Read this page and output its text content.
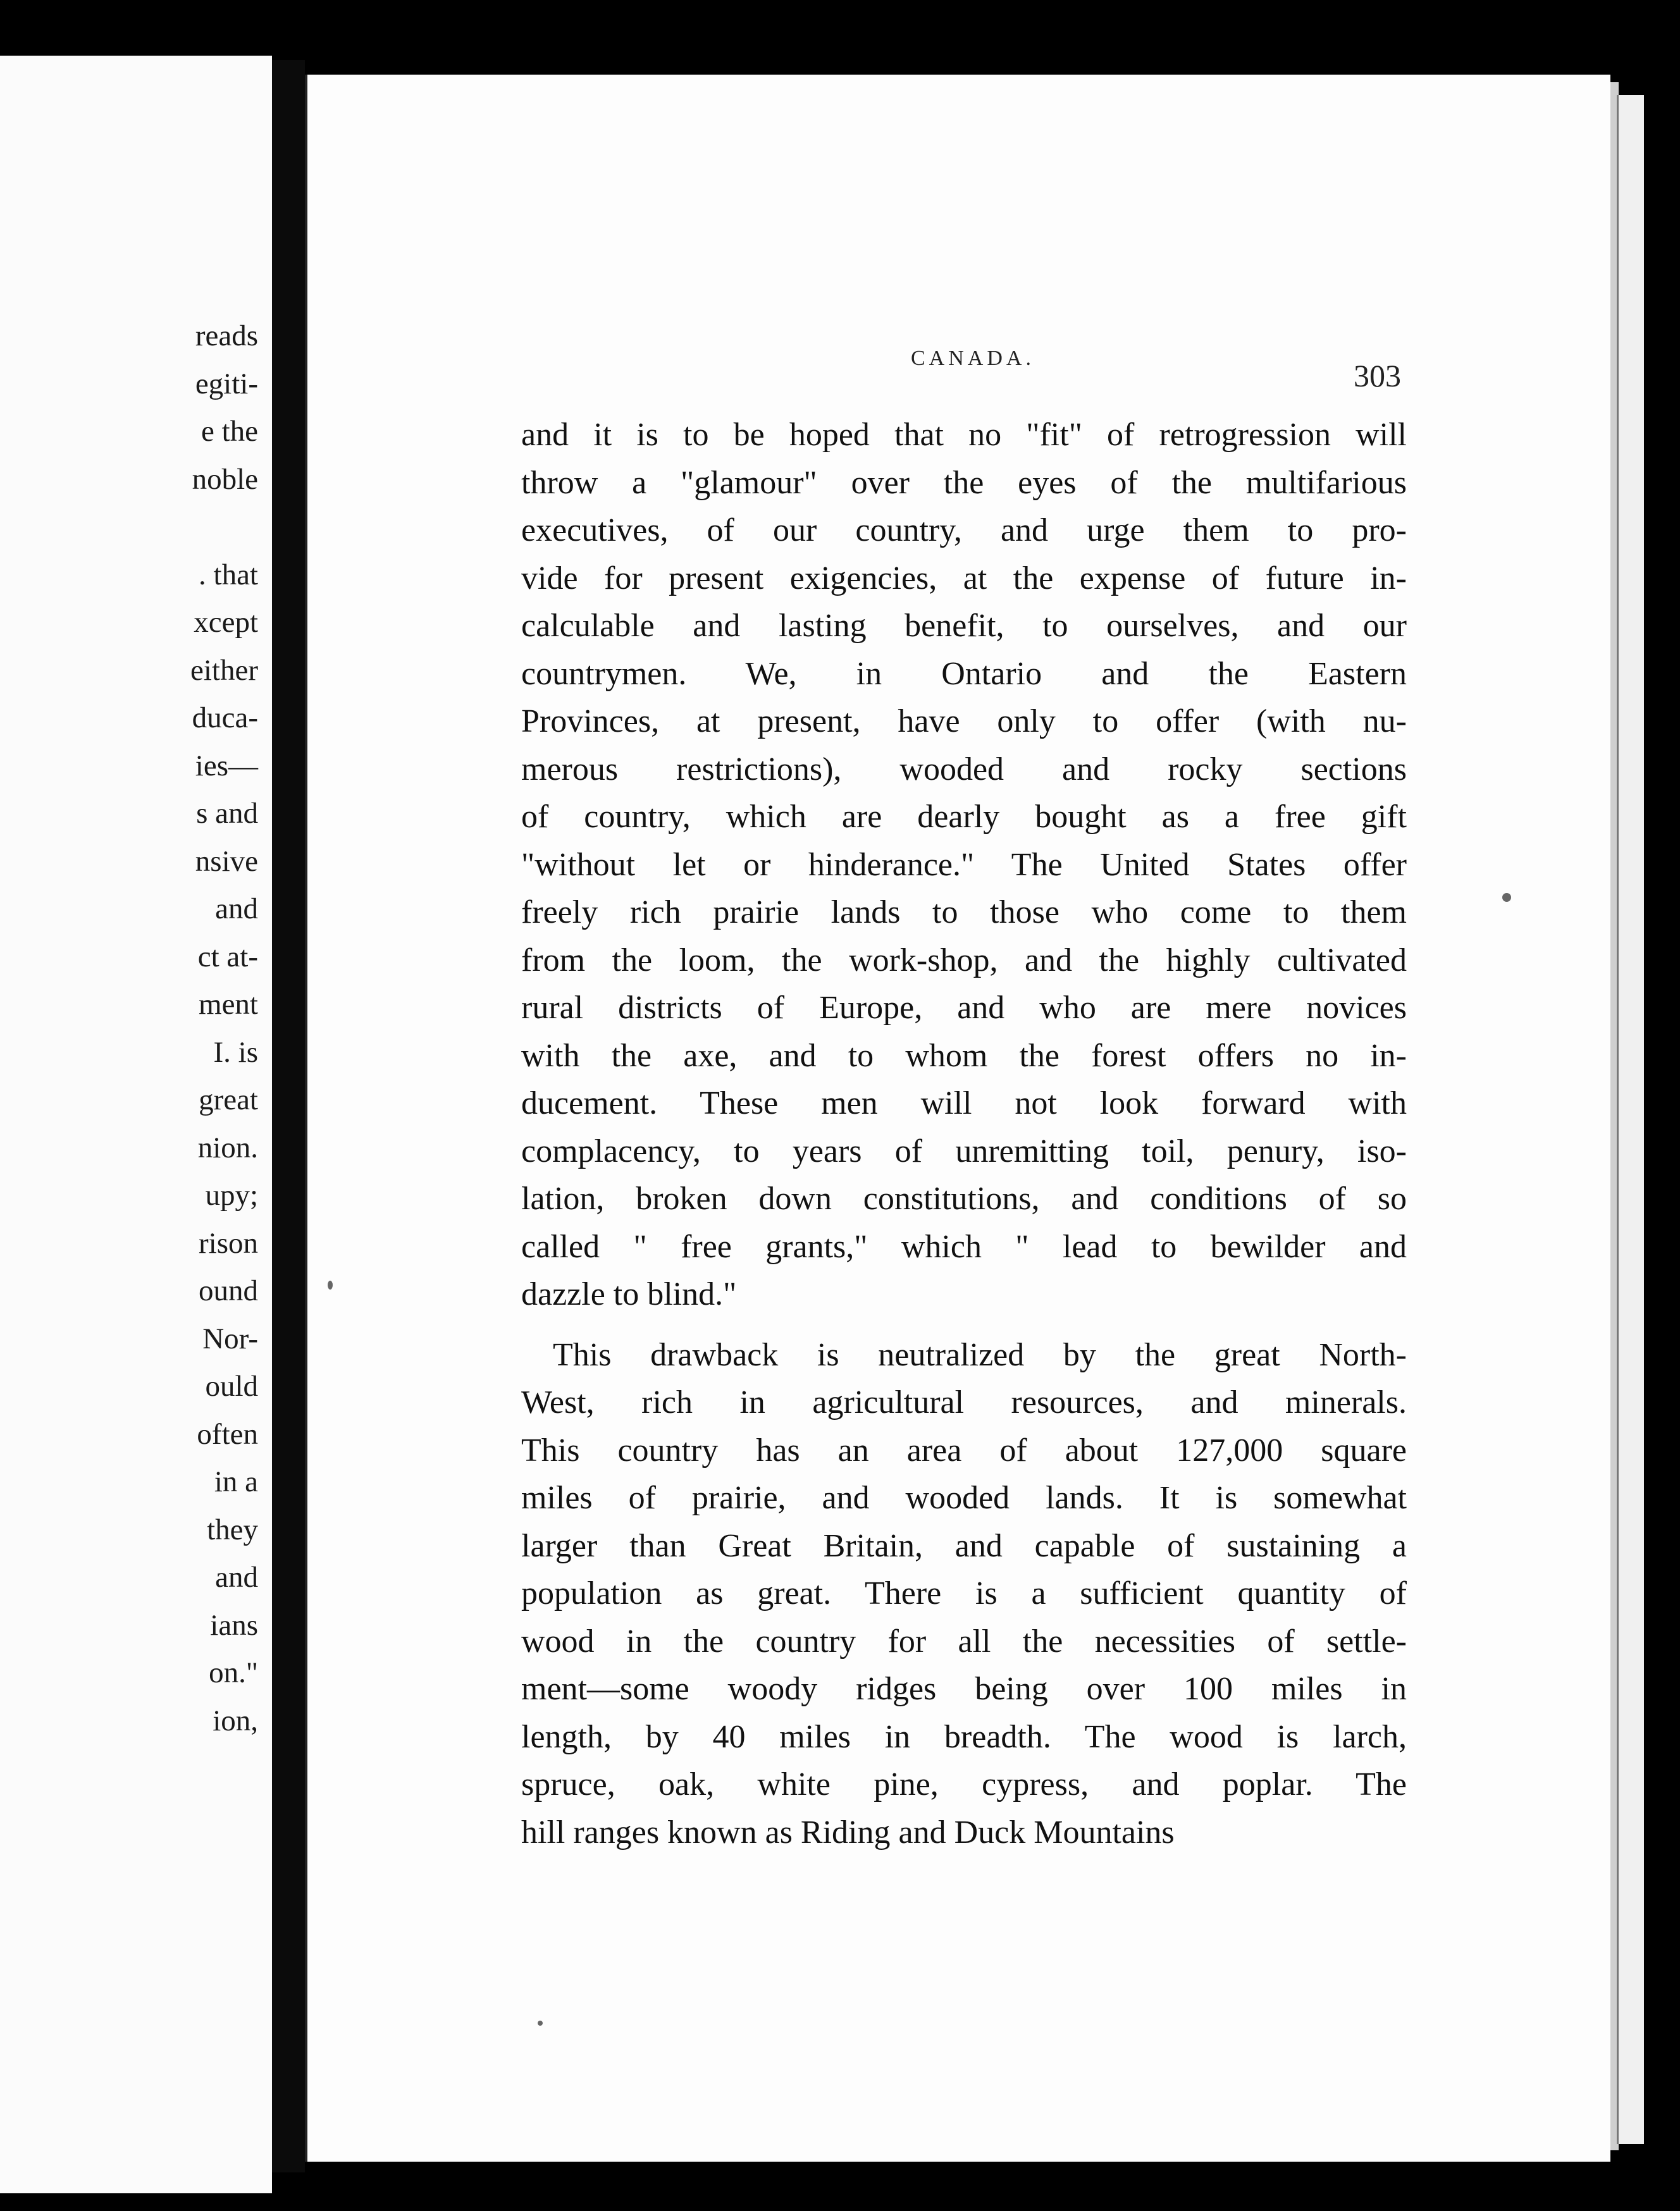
reads
egiti-
e the
noble
. that
xcept
either
duca-
ies—
s and
nsive
and
ct at-
ment
I. is
great
nion.
upy;
rison
ound
Nor-
ould
often
in a
they
and
ians
on."
ion,
CANADA.	303
and it is to be hoped that no "fit" of retrogression will
throw a "glamour" over the eyes of the multifarious
executives, of our country, and urge them to pro-
vide for present exigencies, at the expense of future in-
calculable and lasting benefit, to ourselves, and our
countrymen. We, in Ontario and the Eastern
Provinces, at present, have only to offer (with nu-
merous restrictions), wooded and rocky sections
of country, which are dearly bought as a free gift
"without let or hinderance." The United States offer
freely rich prairie lands to those who come to them
from the loom, the work-shop, and the highly cultivated
rural districts of Europe, and who are mere novices
with the axe, and to whom the forest offers no in-
ducement. These men will not look forward with
complacency, to years of unremitting toil, penury, iso-
lation, broken down constitutions, and conditions of so
called " free grants," which " lead to bewilder and
dazzle to blind."
This drawback is neutralized by the great North-
West, rich in agricultural resources, and minerals.
This country has an area of about 127,000 square
miles of prairie, and wooded lands. It is somewhat
larger than Great Britain, and capable of sustaining a
population as great. There is a sufficient quantity of
wood in the country for all the necessities of settle-
ment—some woody ridges being over 100 miles in
length, by 40 miles in breadth. The wood is larch,
spruce, oak, white pine, cypress, and poplar. The
hill ranges known as Riding and Duck Mountains
